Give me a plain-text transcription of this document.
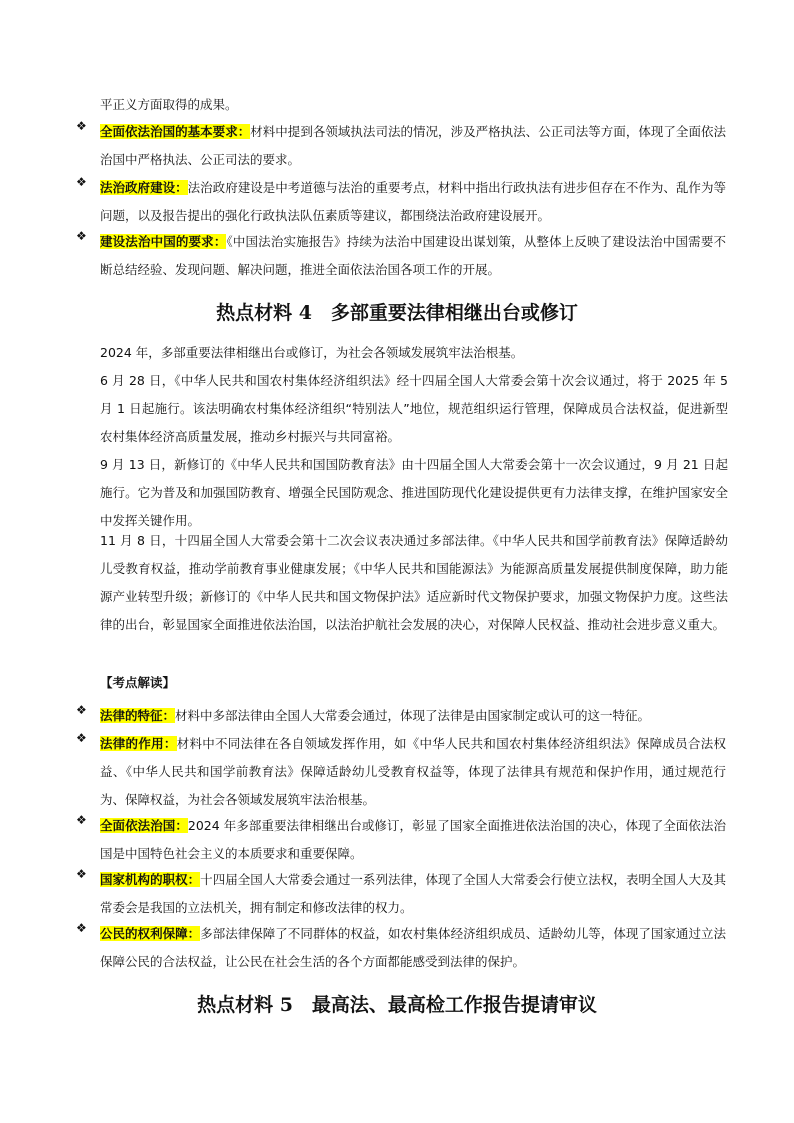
平正义方面取得的成果。
❖ 全面依法治国的基本要求：材料中提到各领域执法司法的情况，涉及严格执法、公正司法等方面，体现了全面依法治国中严格执法、公正司法的要求。
❖ 法治政府建设：法治政府建设是中考道德与法治的重要考点，材料中指出行政执法有进步但存在不作为、乱作为等问题，以及报告提出的强化行政执法队伍素质等建议，都围绕法治政府建设展开。
❖ 建设法治中国的要求：《中国法治实施报告》持续为法治中国建设出谋划策，从整体上反映了建设法治中国需要不断总结经验、发现问题、解决问题，推进全面依法治国各项工作的开展。
热点材料 4　多部重要法律相继出台或修订
2024 年，多部重要法律相继出台或修订，为社会各领域发展筑牢法治根基。
6 月 28 日，《中华人民共和国农村集体经济组织法》经十四届全国人大常委会第十次会议通过，将于 2025 年 5 月 1 日起施行。该法明确农村集体经济组织“特别法人”地位，规范组织运行管理，保障成员合法权益，促进新型农村集体经济高质量发展，推动乡村振兴与共同富裕。
9 月 13 日，新修订的《中华人民共和国国防教育法》由十四届全国人大常委会第十一次会议通过，9 月 21 日起施行。它为普及和加强国防教育、增强全民国防观念、推进国防现代化建设提供更有力法律支撑，在维护国家安全中发挥关键作用。
11 月 8 日，十四届全国人大常委会第十二次会议表决通过多部法律。《中华人民共和国学前教育法》保障适龄幼儿受教育权益，推动学前教育事业健康发展；《中华人民共和国能源法》为能源高质量发展提供制度保障，助力能源产业转型升级；新修订的《中华人民共和国文物保护法》适应新时代文物保护要求，加强文物保护力度。这些法律的出台，彰显国家全面推进依法治国，以法治护航社会发展的决心，对保障人民权益、推动社会进步意义重大。
【考点解读】
❖ 法律的特征：材料中多部法律由全国人大常委会通过，体现了法律是由国家制定或认可的这一特征。
❖ 法律的作用：材料中不同法律在各自领域发挥作用，如《中华人民共和国农村集体经济组织法》保障成员合法权益、《中华人民共和国学前教育法》保障适龄幼儿受教育权益等，体现了法律具有规范和保护作用，通过规范行为、保障权益，为社会各领域发展筑牢法治根基。
❖ 全面依法治国：2024 年多部重要法律相继出台或修订，彰显了国家全面推进依法治国的决心，体现了全面依法治国是中国特色社会主义的本质要求和重要保障。
❖ 国家机构的职权：十四届全国人大常委会通过一系列法律，体现了全国人大常委会行使立法权，表明全国人大及其常委会是我国的立法机关，拥有制定和修改法律的权力。
❖ 公民的权利保障：多部法律保障了不同群体的权益，如农村集体经济组织成员、适龄幼儿等，体现了国家通过立法保障公民的合法权益，让公民在社会生活的各个方面都能感受到法律的保护。
热点材料 5　最高法、最高检工作报告提请审议
